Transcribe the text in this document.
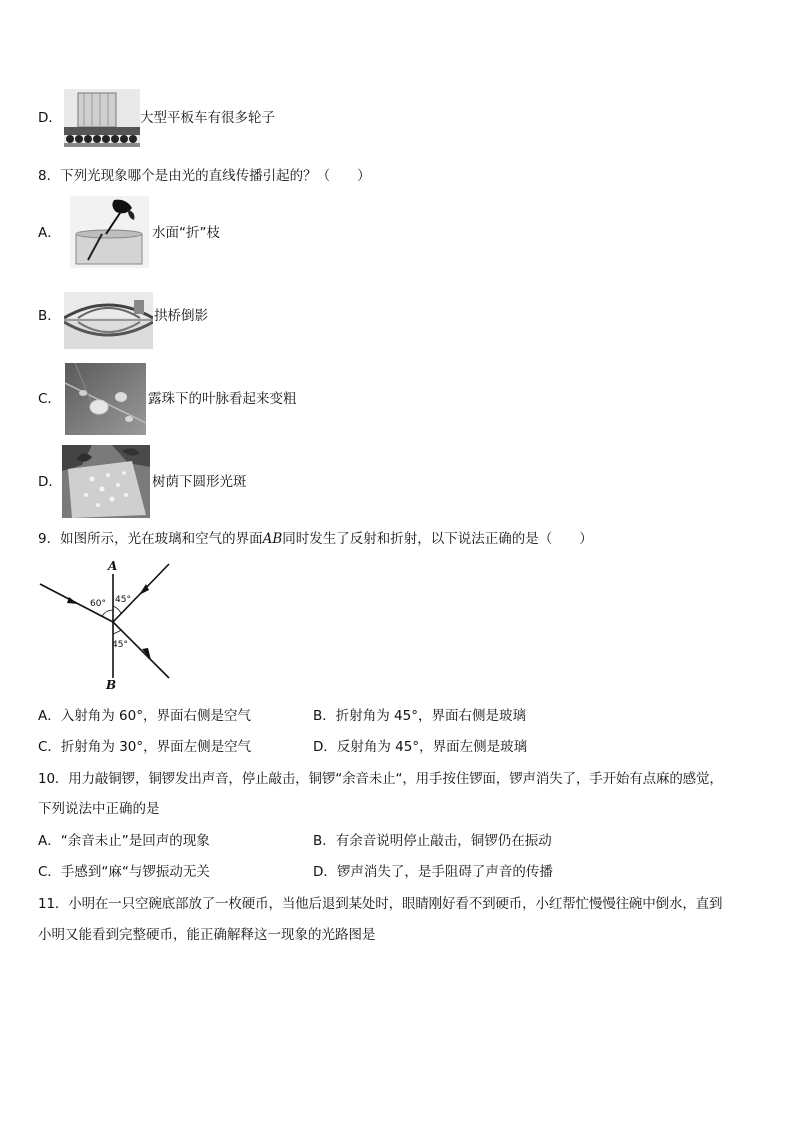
D．	大型平板车有很多轮子
8．下列光现象哪个是由光的直线传播引起的？（　　）
A．	水面“折”枝
B．	拱桥倒影
C．	露珠下的叶脉看起来变粗
D．	树荫下圆形光斑
9．如图所示，光在玻璃和空气的界面AB同时发生了反射和折射，以下说法正确的是（　　）
A
B
60° 45°
45°
A．入射角为 60°，界面右侧是空气	B．折射角为 45°，界面右侧是玻璃
C．折射角为 30°，界面左侧是空气	D．反射角为 45°，界面左侧是玻璃
10．用力敲铜锣，铜锣发出声音，停止敲击，铜锣“余音未止“，用手按住锣面，锣声消失了，手开始有点麻的感觉，
下列说法中正确的是
A．“余音未止”是回声的现象	B．有余音说明停止敲击，铜锣仍在振动
C．手感到“麻“与锣振动无关	D．锣声消失了，是手阻碍了声音的传播
11．小明在一只空碗底部放了一枚硬币，当他后退到某处时，眼睛刚好看不到硬币，小红帮忙慢慢往碗中倒水，直到
小明又能看到完整硬币，能正确解释这一现象的光路图是
